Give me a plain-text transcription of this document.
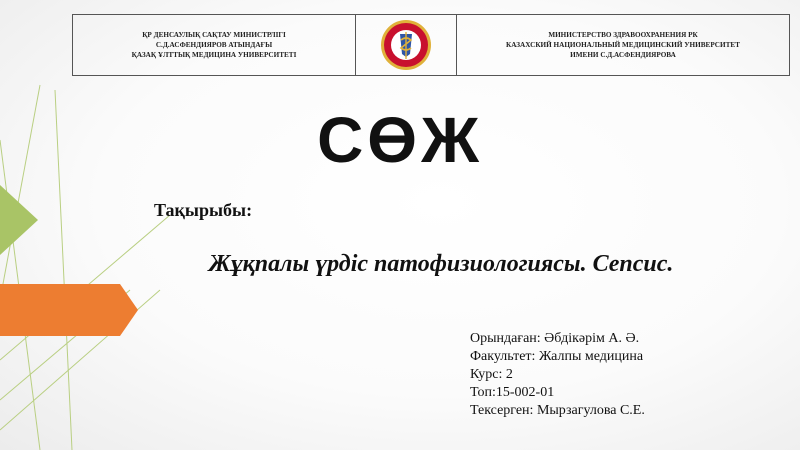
ҚР ДЕНСАУЛЫҚ САҚТАУ МИНИСТРЛІГІ
С.Д.АСФЕНДИЯРОВ АТЫНДАҒЫ
ҚАЗАҚ ҰЛТТЫҚ МЕДИЦИНА УНИВЕРСИТЕТІ
МИНИСТЕРСТВО ЗДРАВООХРАНЕНИЯ РК
КАЗАХСКИЙ НАЦИОНАЛЬНЫЙ МЕДИЦИНСКИЙ УНИВЕРСИТЕТ
ИМЕНИ С.Д.АСФЕНДИЯРОВА
СӨЖ
Тақырыбы:
Жұқпалы үрдіс патофизиологиясы. Сепсис.
Орындаған: Әбдікәрім А. Ә.
Факультет: Жалпы медицина
Курс: 2
Топ:15-002-01
Тексерген: Мырзагулова С.Е.
